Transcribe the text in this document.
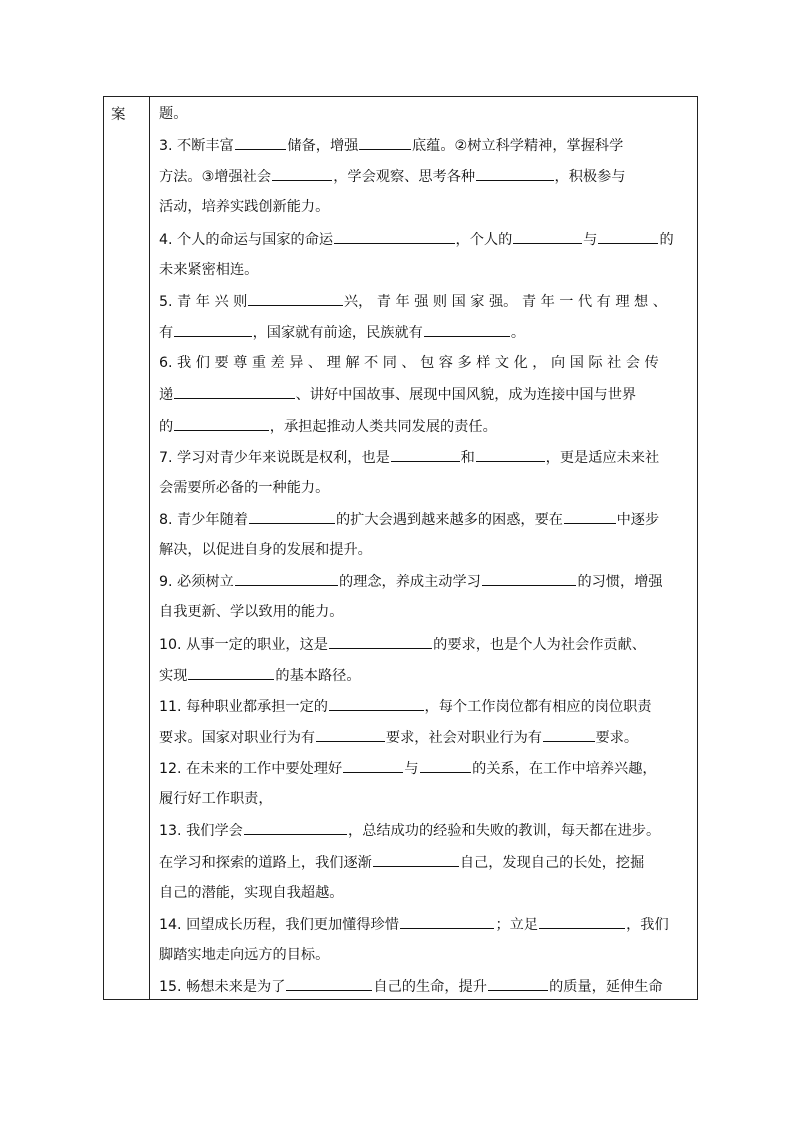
案 题。
3. 不断丰富	储备，增强	底蕴。②树立科学精神，掌握科学
方法。③增强社会	，学会观察、思考各种	，积极参与
活动，培养实践创新能力。
4. 个人的命运与国家的命运	，个人的	与	的
未来紧密相连。
5. 青 年 兴 则	兴， 青 年 强 则 国 家 强。 青 年 一 代 有 理 想 、
有	，国家就有前途，民族就有	。
6. 我 们 要 尊 重 差 异 、 理 解 不 同 、 包 容 多 样 文 化 ， 向 国 际 社 会 传
递	、讲好中国故事、展现中国风貌，成为连接中国与世界
的	，承担起推动人类共同发展的责任。
7. 学习对青少年来说既是权利，也是	和	，更是适应未来社
会需要所必备的一种能力。
8. 青少年随着	的扩大会遇到越来越多的困惑，要在	中逐步
解决，以促进自身的发展和提升。
9. 必须树立	的理念，养成主动学习	的习惯，增强
自我更新、学以致用的能力。
10. 从事一定的职业，这是	的要求，也是个人为社会作贡献、
实现	的基本路径。
11. 每种职业都承担一定的	，每个工作岗位都有相应的岗位职责
要求。国家对职业行为有	要求，社会对职业行为有	要求。
12. 在未来的工作中要处理好	与	的关系，在工作中培养兴趣，
履行好工作职责，
13. 我们学会	，总结成功的经验和失败的教训，每天都在进步。
在学习和探索的道路上，我们逐渐	自己，发现自己的长处，挖掘
自己的潜能，实现自我超越。
14. 回望成长历程，我们更加懂得珍惜	；立足	，我们
脚踏实地走向远方的目标。
15. 畅想未来是为了	自己的生命，提升	的质量，延伸生命
